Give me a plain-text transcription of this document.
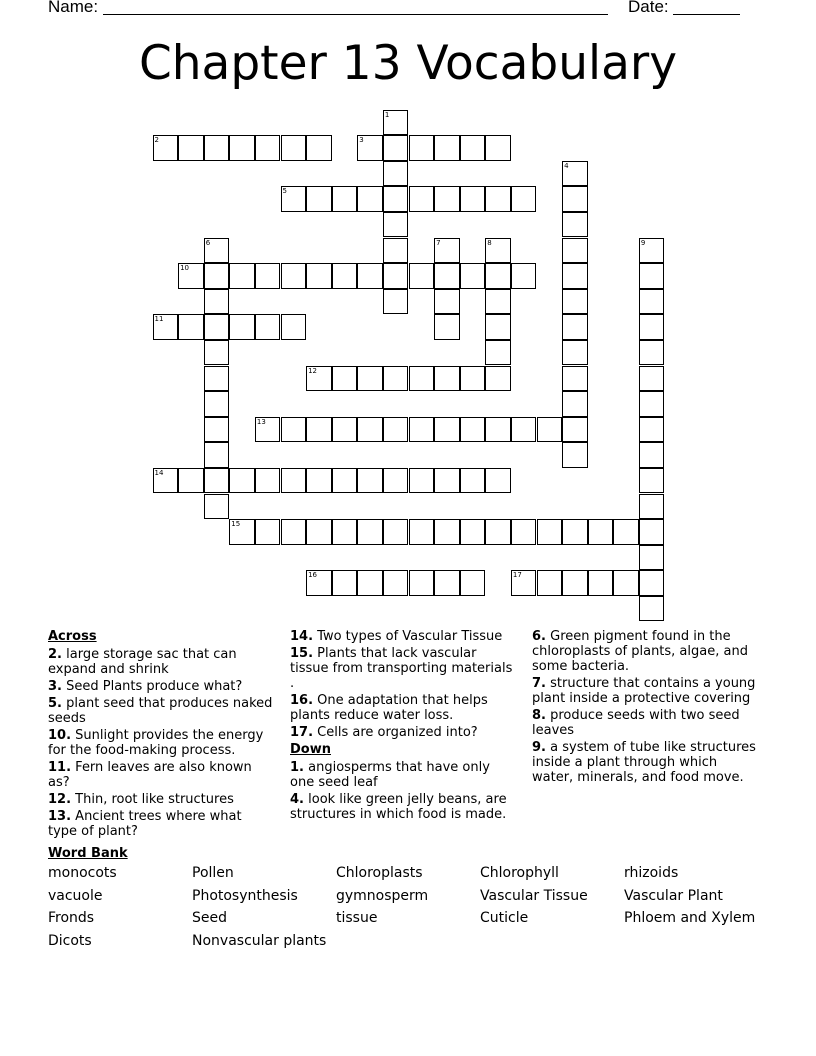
Name:	Date:
Chapter 13 Vocabulary
1
2	3
4
5
6	7	8	9
10
11
12
13
14
15
16	17
Across
2. large storage sac that can expand and shrink
3. Seed Plants produce what?
5. plant seed that produces naked seeds
10. Sunlight provides the energy for the food-making process.
11. Fern leaves are also known as?
12. Thin, root like structures
13. Ancient trees where what type of plant?
14. Two types of Vascular Tissue
15. Plants that lack vascular tissue from transporting materials .
16. One adaptation that helps plants reduce water loss.
17. Cells are organized into?
Down
1. angiosperms that have only one seed leaf
4. look like green jelly beans, are structures in which food is made.
6. Green pigment found in the chloroplasts of plants, algae, and some bacteria.
7. structure that contains a young plant inside a protective covering
8. produce seeds with two seed leaves
9. a system of tube like structures inside a plant through which water, minerals, and food move.
Word Bank
monocots	Pollen	Chloroplasts	Chlorophyll	rhizoids
vacuole	Photosynthesis	gymnosperm	Vascular Tissue	Vascular Plant
Fronds	Seed	tissue	Cuticle	Phloem and Xylem
Dicots	Nonvascular plants
